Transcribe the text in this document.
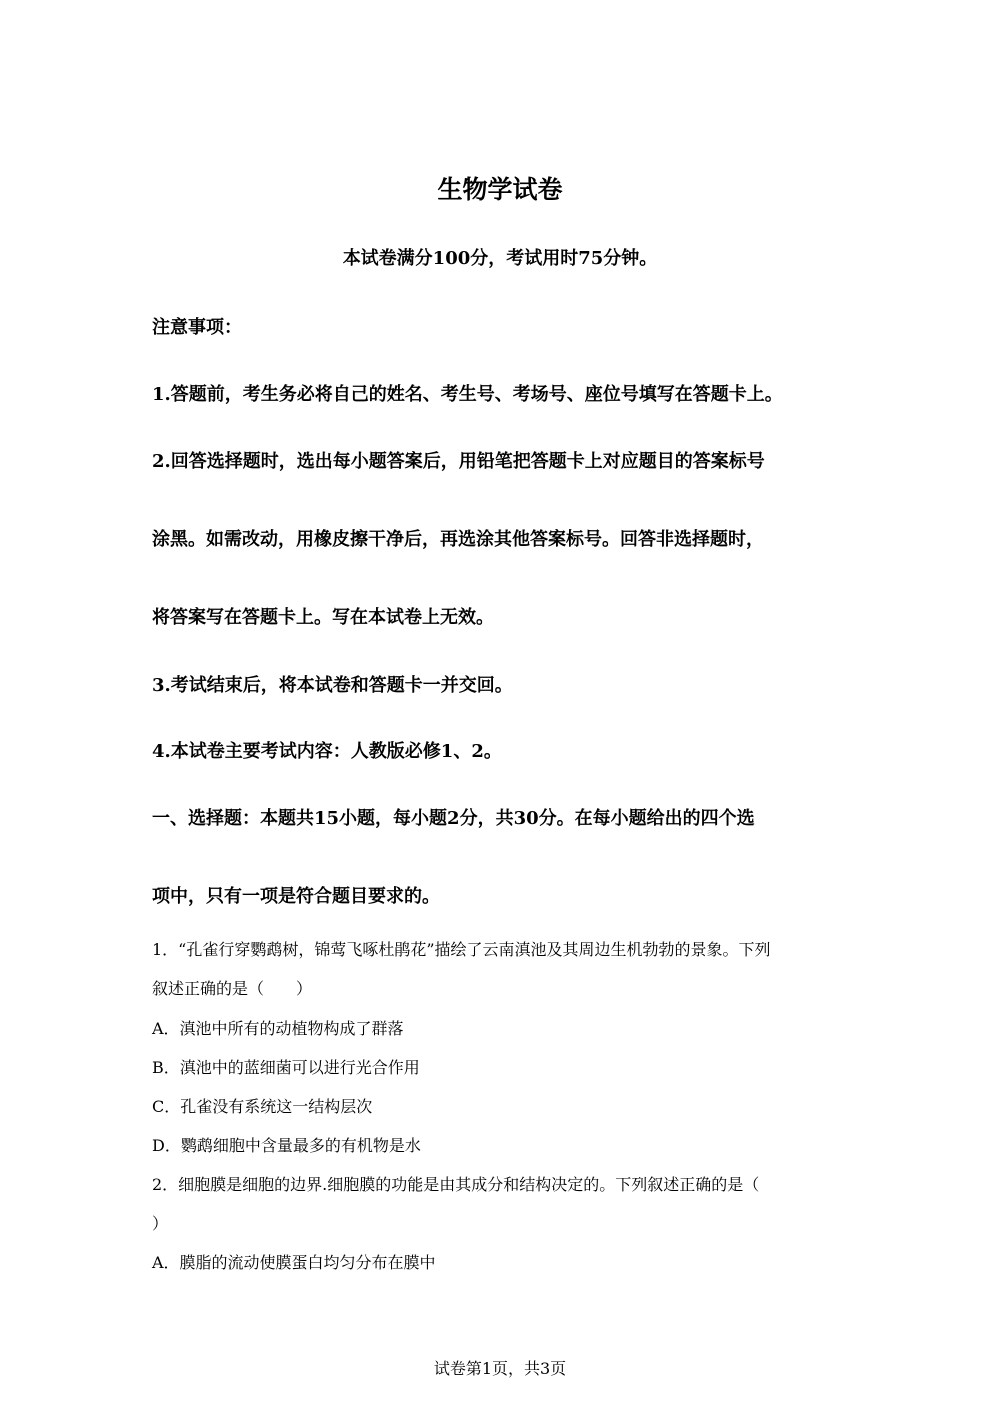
生物学试卷
本试卷满分100分，考试用时75分钟。
注意事项：
1.答题前，考生务必将自己的姓名、考生号、考场号、座位号填写在答题卡上。
2.回答选择题时，选出每小题答案后，用铅笔把答题卡上对应题目的答案标号
涂黑。如需改动，用橡皮擦干净后，再选涂其他答案标号。回答非选择题时，
将答案写在答题卡上。写在本试卷上无效。
3.考试结束后，将本试卷和答题卡一并交回。
4.本试卷主要考试内容：人教版必修1、2。
一、选择题：本题共15小题，每小题2分，共30分。在每小题给出的四个选
项中，只有一项是符合题目要求的。
1．“孔雀行穿鹦鹉树，锦莺飞啄杜鹃花”描绘了云南滇池及其周边生机勃勃的景象。下列
叙述正确的是（　　）
A．滇池中所有的动植物构成了群落
B．滇池中的蓝细菌可以进行光合作用
C．孔雀没有系统这一结构层次
D．鹦鹉细胞中含量最多的有机物是水
2．细胞膜是细胞的边界.细胞膜的功能是由其成分和结构决定的。下列叙述正确的是（
）
A．膜脂的流动使膜蛋白均匀分布在膜中
试卷第1页，共3页
